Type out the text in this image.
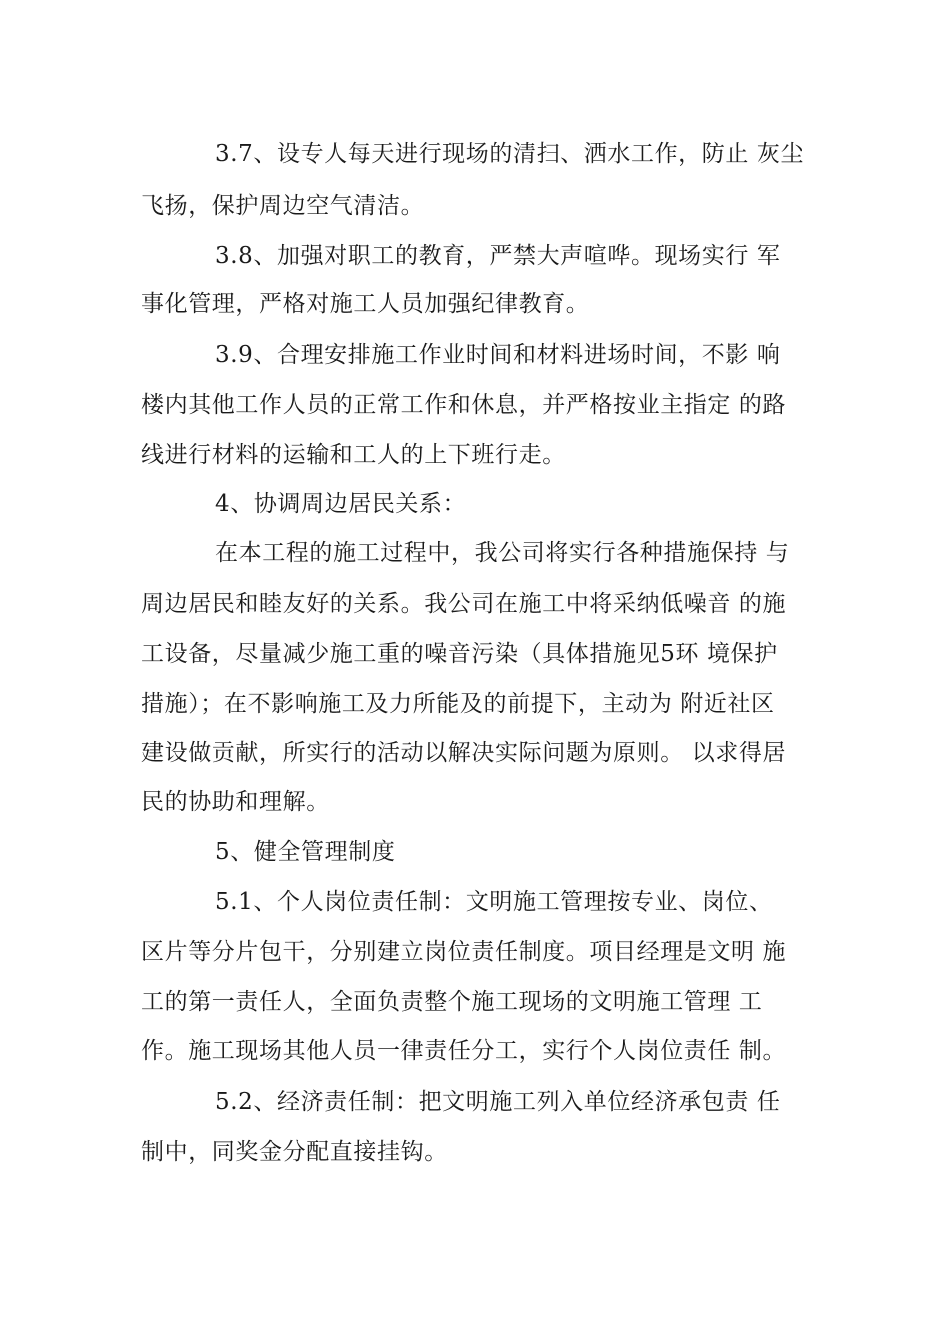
3.7、设专人每天进行现场的清扫、洒水工作，防止 灰尘
飞扬，保护周边空气清洁。
3.8、加强对职工的教育，严禁大声喧哗。现场实行 军
事化管理，严格对施工人员加强纪律教育。
3.9、合理安排施工作业时间和材料进场时间，不影 响
楼内其他工作人员的正常工作和休息，并严格按业主指定 的路
线进行材料的运输和工人的上下班行走。
4、协调周边居民关系：
在本工程的施工过程中，我公司将实行各种措施保持 与
周边居民和睦友好的关系。我公司在施工中将采纳低噪音 的施
工设备，尽量减少施工重的噪音污染（具体措施见5环 境保护
措施）；在不影响施工及力所能及的前提下，主动为 附近社区
建设做贡献，所实行的活动以解决实际问题为原则。 以求得居
民的协助和理解。
5、健全管理制度
5.1、个人岗位责任制：文明施工管理按专业、岗位、
区片等分片包干，分别建立岗位责任制度。项目经理是文明 施
工的第一责任人，全面负责整个施工现场的文明施工管理 工
作。施工现场其他人员一律责任分工，实行个人岗位责任 制。
5.2、经济责任制：把文明施工列入单位经济承包责 任
制中，同奖金分配直接挂钩。
